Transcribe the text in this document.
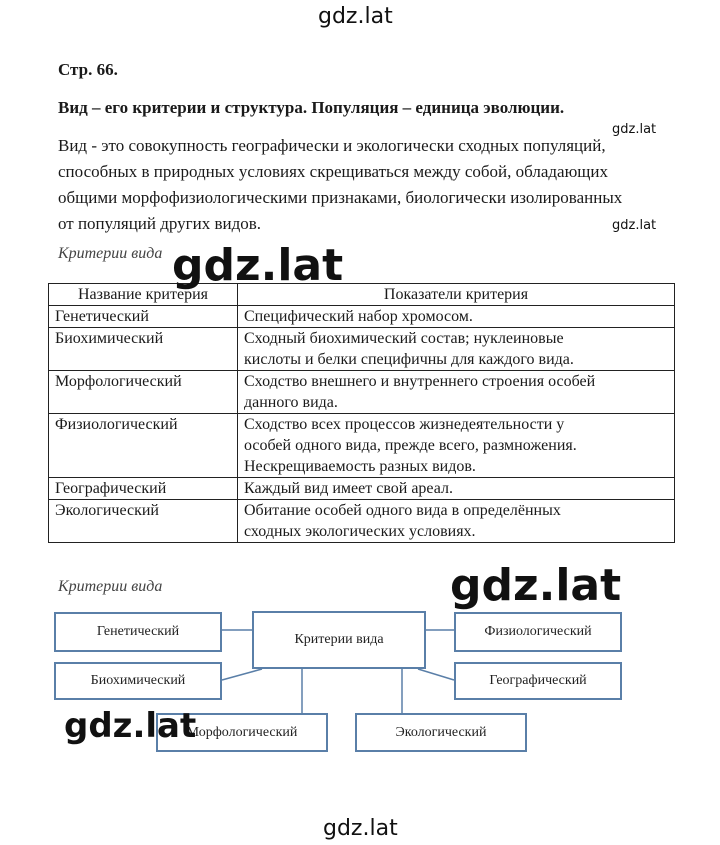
gdz.lat
Стр. 66.
Вид – его критерии и структура. Популяция – единица эволюции.
Вид - это совокупность географически и экологически сходных популяций,
способных в природных условиях скрещиваться между собой, обладающих
общими морфофизиологическими признаками, биологически изолированных
от популяций других видов.
gdz.lat
gdz.lat
Критерии вида
Название критерия	Показатели критерия
Генетический	Специфический набор хромосом.

Биохимический	Сходный биохимический состав; нуклеиновые
кислоты и белки специфичны для каждого вида.

Морфологический	Сходство внешнего и внутреннего строения особей
данного вида.

Физиологический	Сходство всех процессов жизнедеятельности у
особей одного вида, прежде всего, размножения.
Нескрещиваемость разных видов.

Географический	Каждый вид имеет свой ареал.

Экологический	Обитание особей одного вида в определённых
сходных экологических условиях.
gdz.lat
Критерии вида
Критерии вида
Генетический
Биохимический
Морфологический
Физиологический
Географический
Экологический
gdz.lat
gdz.lat
gdz.lat
